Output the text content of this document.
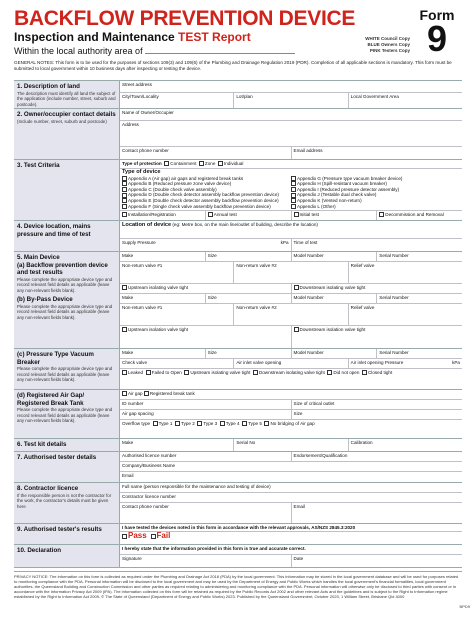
BACKFLOW PREVENTION DEVICE
Inspection and Maintenance TEST Report
Within the local authority area of
WHITE Council Copy
BLUE Owners Copy
PINK Testers Copy
Form
9
GENERAL NOTES: This form is to be used for the purposes of sections 109(3) and 109(6) of the Plumbing and Drainage Regulation 2019 (PDR). Completion of all applicable sections is mandatory. This form must be submitted to local government within 10 business days after inspecting or testing the device.
1. Description of land
The description must identify all land the subject of the application (include number, street, suburb and postcode).
Street address
City/Town/Locality	Lot/plan	Local Government Area
2. Owner/occupier contact details
(Include number, street, suburb and postcode)
Name of Owner/Occupier
Address
Contact phone number	Email address
3. Test Criteria	Type of protection Containment Zone Individual
Type of device
Appendix A (Air gap) air gaps and registered break tanks
Appendix B (Reduced pressure zone valve device)
Appendix C (Double check valve assembly)
Appendix D (Double check detector assembly backflow prevention device)
Appendix E (Double check detector assembly backflow prevention device)
Appendix F (Single check valve assembly backflow prevention device)
Appendix G (Pressure type vacuum breaker device)
Appendix H (Spill-resistant vacuum breaker)
Appendix I (Reduced pressure detector assembly)
Appendix J (Testable dual check valve)
Appendix K (Vented non-return)
Appendix L (Other)
Installation/Registration	Annual test	Initial test	Decommission and Removal
4. Device location, mains pressure and time of test
Location of device (eg: Metre box, on the main line/outlet of building, describe the location)
Supply Pressure	kPa	Time of test
5. Main Device
(a) Backflow prevention device and test results
Please complete the appropriate device type and record relevant field details as applicable (leave any non-relevant fields blank).
(b) By-Pass Device
Please complete the appropriate device type and record relevant field details as applicable (leave any non-relevant fields blank).
Make	Size	Model Number	Serial Number
Non-return valve #1	Non-return valve #2	Relief valve
Upstream isolating valve tight	Downstream isolating valve tight
Make	Size	Model Number	Serial Number
Non-return valve #1	Non-return valve #2	Relief valve
Upstream isolation valve tight	Downstream isolation valve tight
(c) Pressure Type Vacuum Breaker
Please complete the appropriate device type and record relevant field details as applicable (leave any non-relevant fields blank).
Make	Size	Model Number	Serial Number
Check valve	Air inlet valve opening	Air inlet opening Pressure	kPa
Leaked Failed to Open Upstream isolating valve tight Downstream isolating valve tight Did not open Closed tight
(d) Registered Air Gap/ Registered Break Tank
Please complete the appropriate device type and record relevant field details as applicable (leave any non-relevant fields blank).
Air gap Registered break tank
ID number	Size of critical outlet
Air gap spacing	Size
Overflow type Type 1 Type 2 Type 3 Type 4 Type 5 No bridging of Air gap
6. Test kit details	Make	Serial No	Calibration
7. Authorised tester details	Authorised licence number	Endorsement/Qualification
Company/Business Name
Email
8. Contractor licence
If the responsible person is not the contractor for the work, the contractor's details must be given here
Full name (person responsible for the maintenance and testing of device)
Contractor licence number
Contact phone number	Email
9. Authorised tester's results	I have tested the devices noted in this form in accordance with the relevant approvals, AS/NZS 2845.3:2020
Pass Fail
10. Declaration	I hereby state that the information provided in this form is true and accurate correct.
Signature	Date
PRIVACY NOTICE: The information on this form is collected as required under the Plumbing and Drainage Act 2018 (PDA) by the local government. This information may be stored in the local government database and will be used for purposes related to monitoring compliance with the PDA. Personal information will be disclosed to the local government and may be used by the Department of Energy and Public Works which handles the local government's financial formalities, local government authorities, the Queensland Building and Construction Commission and other parties as required relating to administering and monitoring compliance with the PDA. Personal information will otherwise only be disclosed to third parties with consent or in accordance with the Information Privacy Act 2009 (IPA). The information collected on this form will be retained as required by the Public Records Act 2002 and other relevant Acts and the guidelines and is subject to the Right to Information regime established by the Right to Information Act 2009. © The State of Queensland (Department of Energy and Public Works) 2023. Published by the Queensland Government, October 2023, 1 William Street, Brisbane Qld 4000
BPD9
